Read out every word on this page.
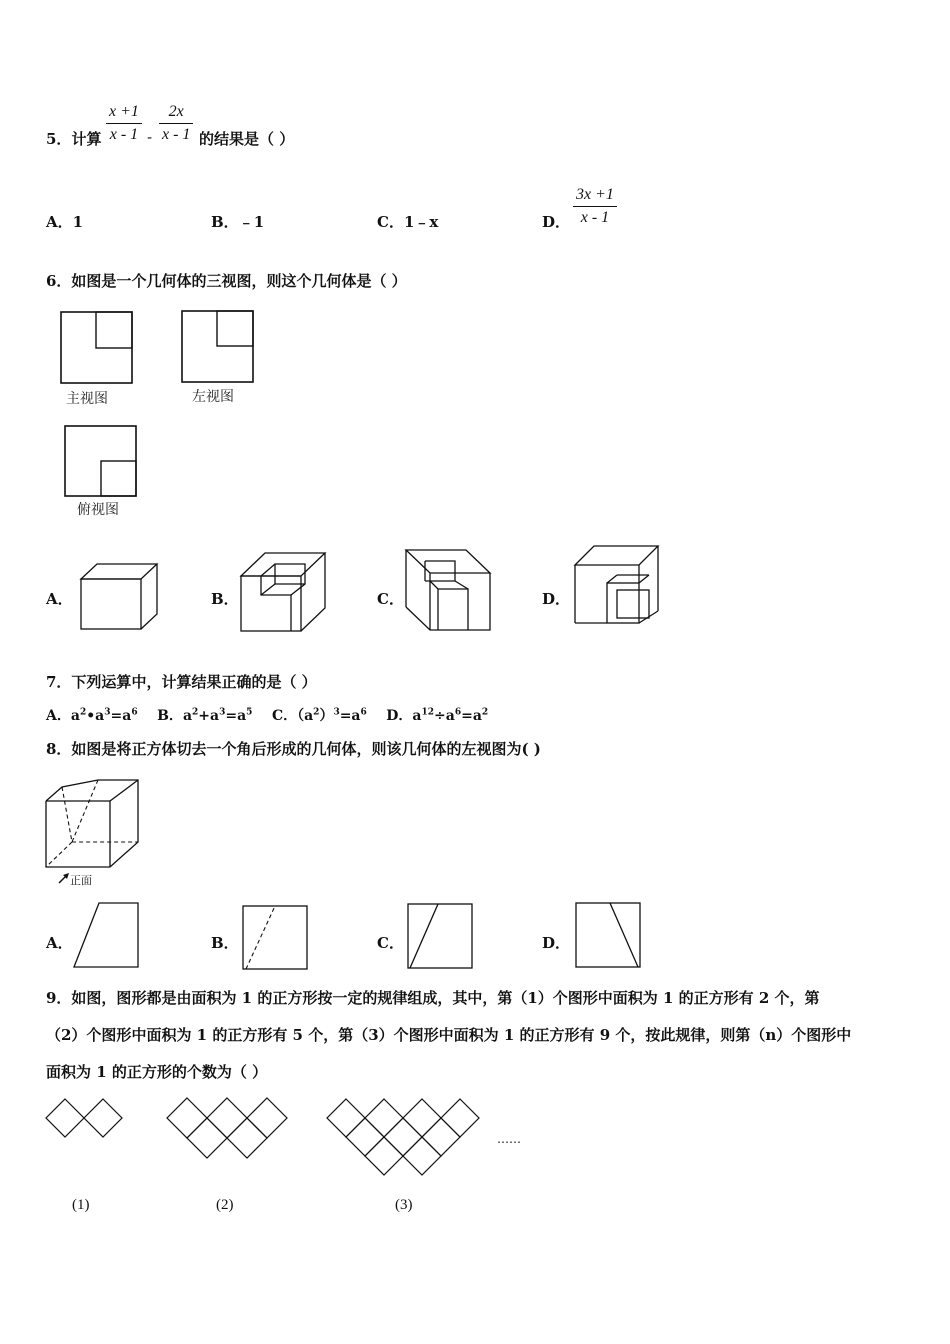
5．计算 $\frac{x +1}{x - 1} - \frac{2x}{x - 1}$ 的结果是（ ）
A．1	B．﹣1	C．1﹣x	D． $\frac{3x +1}{x - 1}$
6．如图是一个几何体的三视图，则这个几何体是（ ）
主视图	左视图
俯视图
A．	B．	C．	D．
7．下列运算中，计算结果正确的是（ ）
A．$a^2•a^3=a^6$ B．$a^2+a^3=a^5$ C．$(a^2)^3=a^6$ D．$a^{12}\div a^6=a^2$
8．如图是将正方体切去一个角后形成的几何体，则该几何体的左视图为( )
正面
A．	B．	C．	D．
9．如图，图形都是由面积为 1 的正方形按一定的规律组成，其中，第（1）个图形中面积为 1 的正方形有 2 个，第
（2）个图形中面积为 1 的正方形有 5 个，第（3）个图形中面积为 1 的正方形有 9 个，按此规律，则第（n）个图形中
面积为 1 的正方形的个数为（ ）
……
(1)	(2)	(3)
